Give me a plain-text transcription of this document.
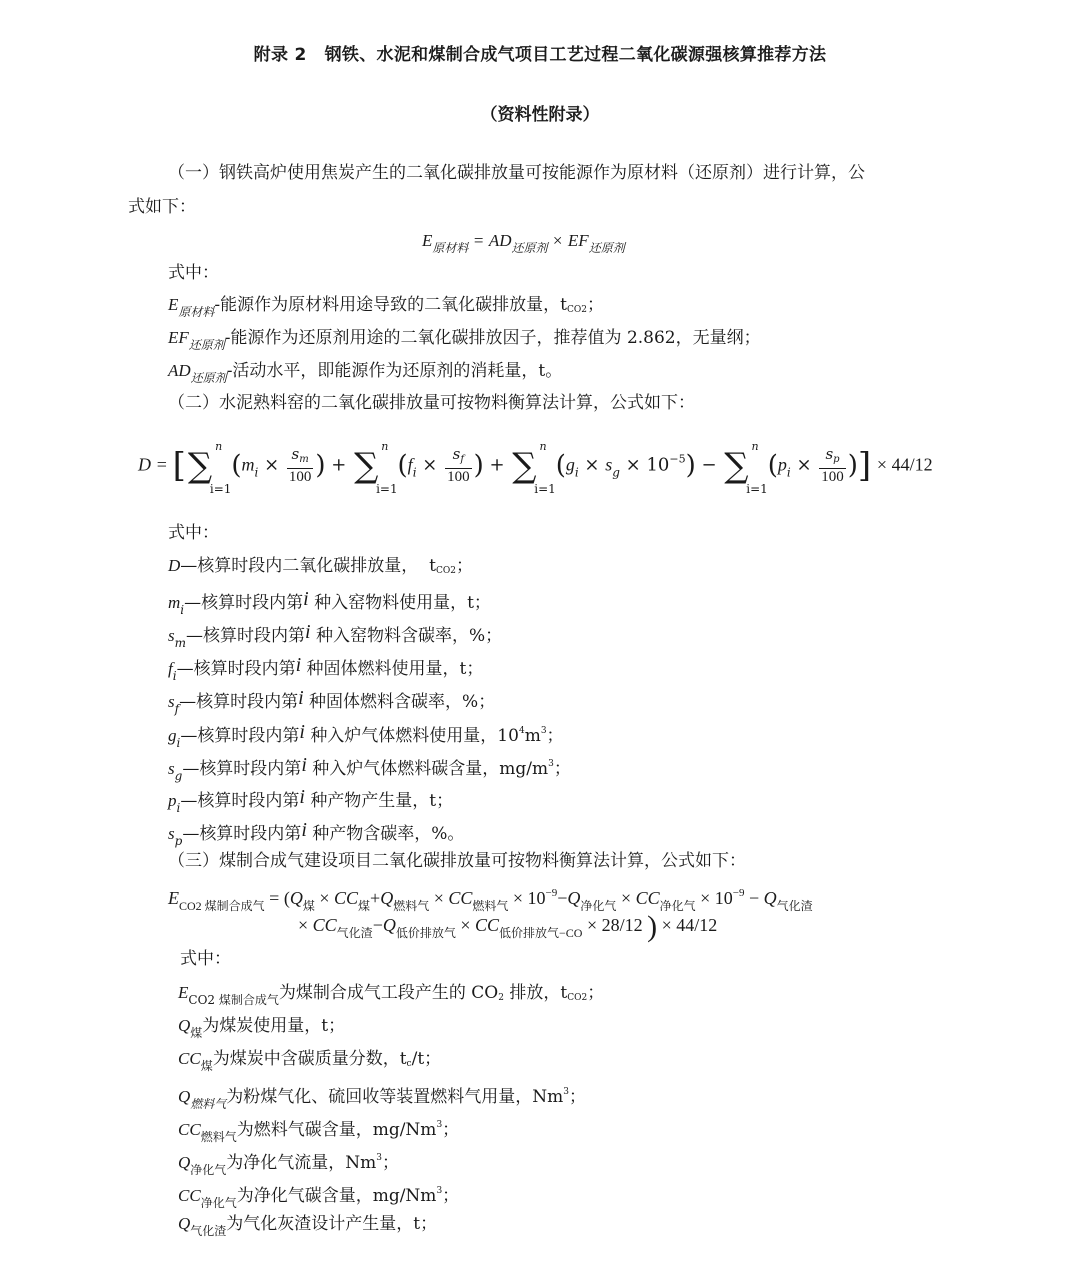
附录 2 钢铁、水泥和煤制合成气项目工艺过程二氧化碳源强核算推荐方法
（资料性附录）
（一）钢铁高炉使用焦炭产生的二氧化碳排放量可按能源作为原材料（还原剂）进行计算，公
式如下：
$E_{原材料} = AD_{还原剂} \times EF_{还原剂}$
式中：
$E_{原材料}-$能源作为原材料用途导致的二氧化碳排放量，tCO2；
$EF_{还原剂}-$能源作为还原剂用途的二氧化碳排放因子，推荐值为 2.862，无量纲；
$AD_{还原剂}-$活动水平，即能源作为还原剂的消耗量，t。
（二）水泥熟料窑的二氧化碳排放量可按物料衡算法计算，公式如下：
D = [∑ n
i=1
($m_i \times \frac{s_m}{100}$ ) + ∑ n
i=1
($f_i \times \frac{s_f}{100}$ ) + ∑ n
i=1
$(g_i \times s_g \times 10^{-5})$ − ∑ n
i=1
($p_i \times \frac{s_p}{100}$ )] × 44/12
式中：
D—核算时段内二氧化碳排放量， tCO2；
$m_i—$核算时段内第i 种入窑物料使用量，t；
$s_m—$核算时段内第i 种入窑物料含碳率，%；
$f_i—$核算时段内第i 种固体燃料使用量，t；
$s_f—$核算时段内第i 种固体燃料含碳率，%；
$g_i—$核算时段内第i 种入炉气体燃料使用量，$10^4m^3$；
$s_g—$核算时段内第i 种入炉气体燃料碳含量，$mg/m^3$；
$p_i—$核算时段内第i 种产物产生量，t；
$s_p—$核算时段内第i 种产物含碳率，%。
（三）煤制合成气建设项目二氧化碳排放量可按物料衡算法计算，公式如下：
$E_{CO2 煤制合成气} = (Q_煤 \times CC_煤+Q_{燃料气} \times CC_{燃料气} \times 10^{-9}-Q_{净化气} \times CC_{净化气} \times 10^{-9} - Q_{气化渣}$
× $CC_{气化渣}-Q_{低价排放气} \times CC_{低价排放气-CO} \times 28/12$ ) × 44/12
式中：
$E_{CO2 煤制合成气}$为煤制合成气工段产生的 CO2 排放，tCO2；
$Q_煤$为煤炭使用量，t；
$CC_煤$为煤炭中含碳质量分数，tc/t；
$Q_{燃料气}$为粉煤气化、硫回收等装置燃料气用量，Nm$^3$；
$CC_{燃料气}$为燃料气碳含量，mg/Nm$^3$；
$Q_{净化气}$为净化气流量，Nm$^3$；
$CC_{净化气}$为净化气碳含量，mg/Nm$^3$；
$Q_{气化渣}$为气化灰渣设计产生量，t；
